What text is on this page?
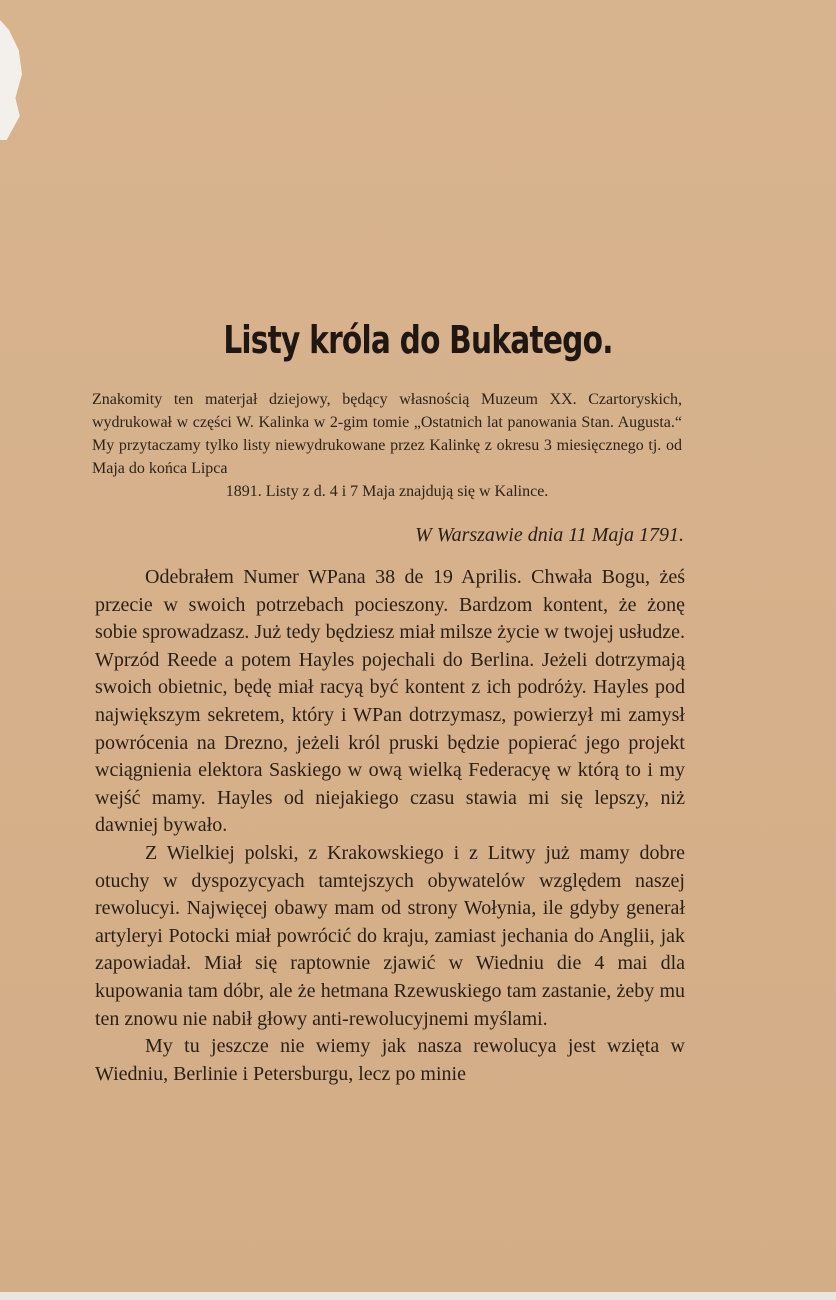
Listy króla do Bukatego.
Znakomity ten materjał dziejowy, będący własnością Muzeum XX. Czartoryskich, wydrukował w części W. Kalinka w 2-gim tomie „Ostatnich lat panowania Stan. Augusta.“ My przytaczamy tylko listy niewydrukowane przez Kalinkę z okresu 3 miesięcznego tj. od Maja do końca Lipca
1891. Listy z d. 4 i 7 Maja znajdują się w Kalince.
W Warszawie dnia 11 Maja 1791.

Odebrałem Numer WPana 38 de 19 Aprilis. Chwała Bogu, żeś przecie w swoich potrzebach pocieszony. Bardzom kontent, że żonę sobie sprowadzasz. Już tedy będziesz miał milsze życie w twojej usłudze. Wprzód Reede a potem Hayles pojechali do Berlina. Jeżeli dotrzymają swoich obietnic, będę miał racyą być kontent z ich podróży. Hayles pod największym sekretem, który i WPan dotrzymasz, powierzył mi zamysł powrócenia na Drezno, jeżeli król pruski będzie popierać jego projekt wciągnienia elektora Saskiego w ową wielką Federacyę w którą to i my wejść mamy. Hayles od niejakiego czasu stawia mi się lepszy, niż dawniej bywało.

Z Wielkiej polski, z Krakowskiego i z Litwy już mamy dobre otuchy w dyspozycyach tamtejszych obywatelów względem naszej rewolucyi. Najwięcej obawy mam od strony Wołynia, ile gdyby generał artyleryi Potocki miał powrócić do kraju, zamiast jechania do Anglii, jak zapowiadał. Miał się raptownie zjawić w Wiedniu die 4 mai dla kupowania tam dóbr, ale że hetmana Rzewuskiego tam zastanie, żeby mu ten znowu nie nabił głowy anti-rewolucyjnemi myślami.

My tu jeszcze nie wiemy jak nasza rewolucya jest wzięta w Wiedniu, Berlinie i Petersburgu, lecz po minie
